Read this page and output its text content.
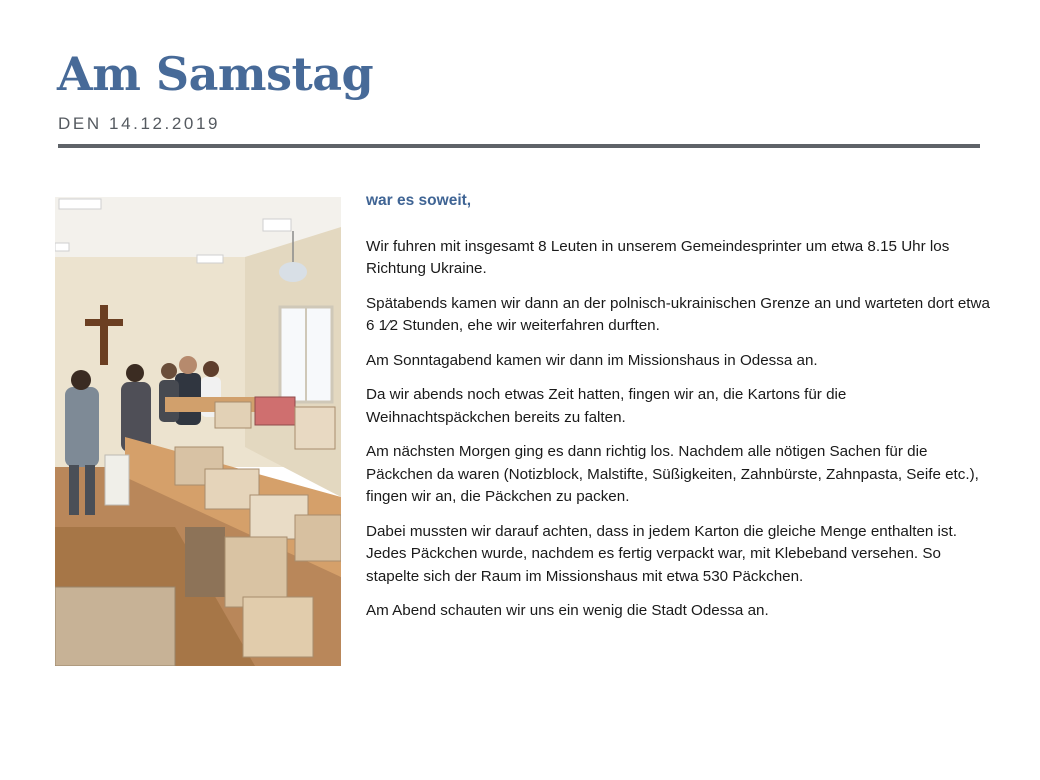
Am Samstag
DEN 14.12.2019

war es soweit,

Wir fuhren mit insgesamt 8 Leuten in unserem Gemeindesprinter um etwa 8.15 Uhr los Richtung Ukraine.

Spätabends kamen wir dann an der polnisch-ukrainischen Grenze an und warteten dort etwa 6 1⁄2 Stunden, ehe wir weiterfahren durften.

Am Sonntagabend kamen wir dann im Missionshaus in Odessa an.

Da wir abends noch etwas Zeit hatten, fingen wir an, die Kartons für die Weihnachtspäckchen bereits zu falten.

Am nächsten Morgen ging es dann richtig los. Nachdem alle nötigen Sachen für die Päckchen da waren (Notizblock, Malstifte, Süßigkeiten, Zahnbürste, Zahnpasta, Seife etc.), fingen wir an, die Päckchen zu packen.

Dabei mussten wir darauf achten, dass in jedem Karton die gleiche Menge enthalten ist. Jedes Päckchen wurde, nachdem es fertig verpackt war, mit Klebeband versehen. So stapelte sich der Raum im Missionshaus mit etwa 530 Päckchen.

Am Abend schauten wir uns ein wenig die Stadt Odessa an.
